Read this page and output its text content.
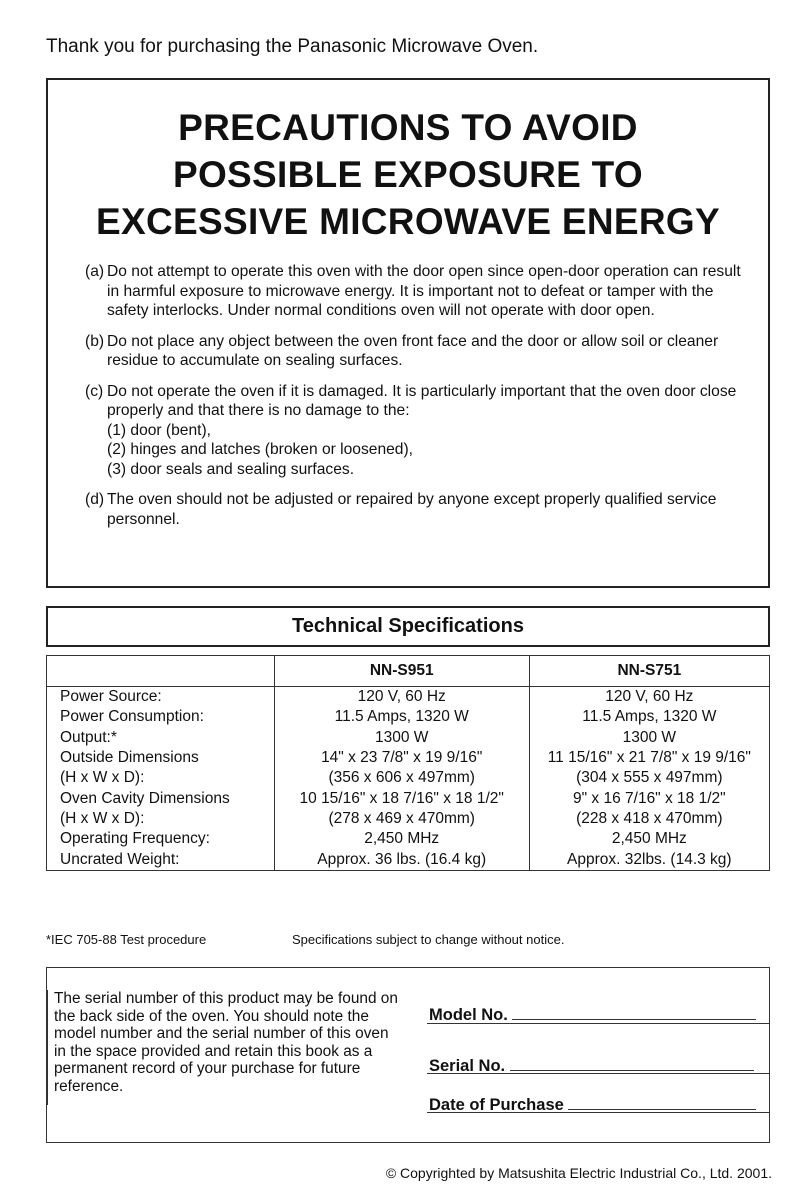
Thank you for purchasing the Panasonic Microwave Oven.
PRECAUTIONS TO AVOID
POSSIBLE EXPOSURE TO
EXCESSIVE MICROWAVE ENERGY
(a) Do not attempt to operate this oven with the door open since open-door operation can result in harmful exposure to microwave energy. It is important not to defeat or tamper with the safety interlocks. Under normal conditions oven will not operate with door open.
(b) Do not place any object between the oven front face and the door or allow soil or cleaner residue to accumulate on sealing surfaces.
(c) Do not operate the oven if it is damaged. It is particularly important that the oven door close properly and that there is no damage to the:
(1) door (bent),
(2) hinges and latches (broken or loosened),
(3) door seals and sealing surfaces.
(d) The oven should not be adjusted or repaired by anyone except properly qualified service personnel.
Technical Specifications
	NN-S951	NN-S751
Power Source:	120 V, 60 Hz	120 V, 60 Hz
Power Consumption:	11.5 Amps, 1320 W	11.5 Amps, 1320 W
Output:*	1300 W	1300 W
Outside Dimensions	14" x 23 7/8" x 19 9/16"	11 15/16" x 21 7/8" x 19 9/16"
(H x W x D):	(356 x 606 x 497mm)	(304 x 555 x 497mm)
Oven Cavity Dimensions	10 15/16" x 18 7/16" x 18 1/2"	9" x 16 7/16" x 18 1/2"
(H x W x D):	(278 x 469 x 470mm)	(228 x 418 x 470mm)
Operating Frequency:	2,450 MHz	2,450 MHz
Uncrated Weight:	Approx. 36 lbs. (16.4 kg)	Approx. 32lbs. (14.3 kg)
*IEC 705-88 Test procedure	Specifications subject to change without notice.
The serial number of this product may be found on the back side of the oven. You should note the model number and the serial number of this oven in the space provided and retain this book as a permanent record of your purchase for future reference.
Model No.
Serial No.
Date of Purchase
© Copyrighted by Matsushita Electric Industrial Co., Ltd. 2001.
